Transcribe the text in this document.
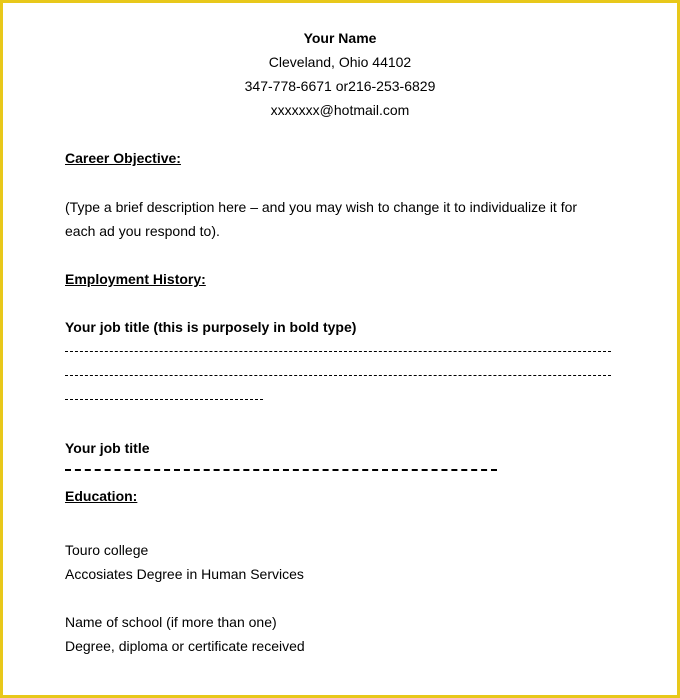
Your Name
Cleveland, Ohio 44102
347-778-6671 or216-253-6829
xxxxxxx@hotmail.com
Career Objective:
(Type a brief description here – and you may wish to change it to individualize it for
each ad you respond to).
Employment History:
Your job title (this is purposely in bold type)
Your job title
Education:
Touro college
Accosiates Degree in Human Services
Name of school (if more than one)
Degree, diploma or certificate received
